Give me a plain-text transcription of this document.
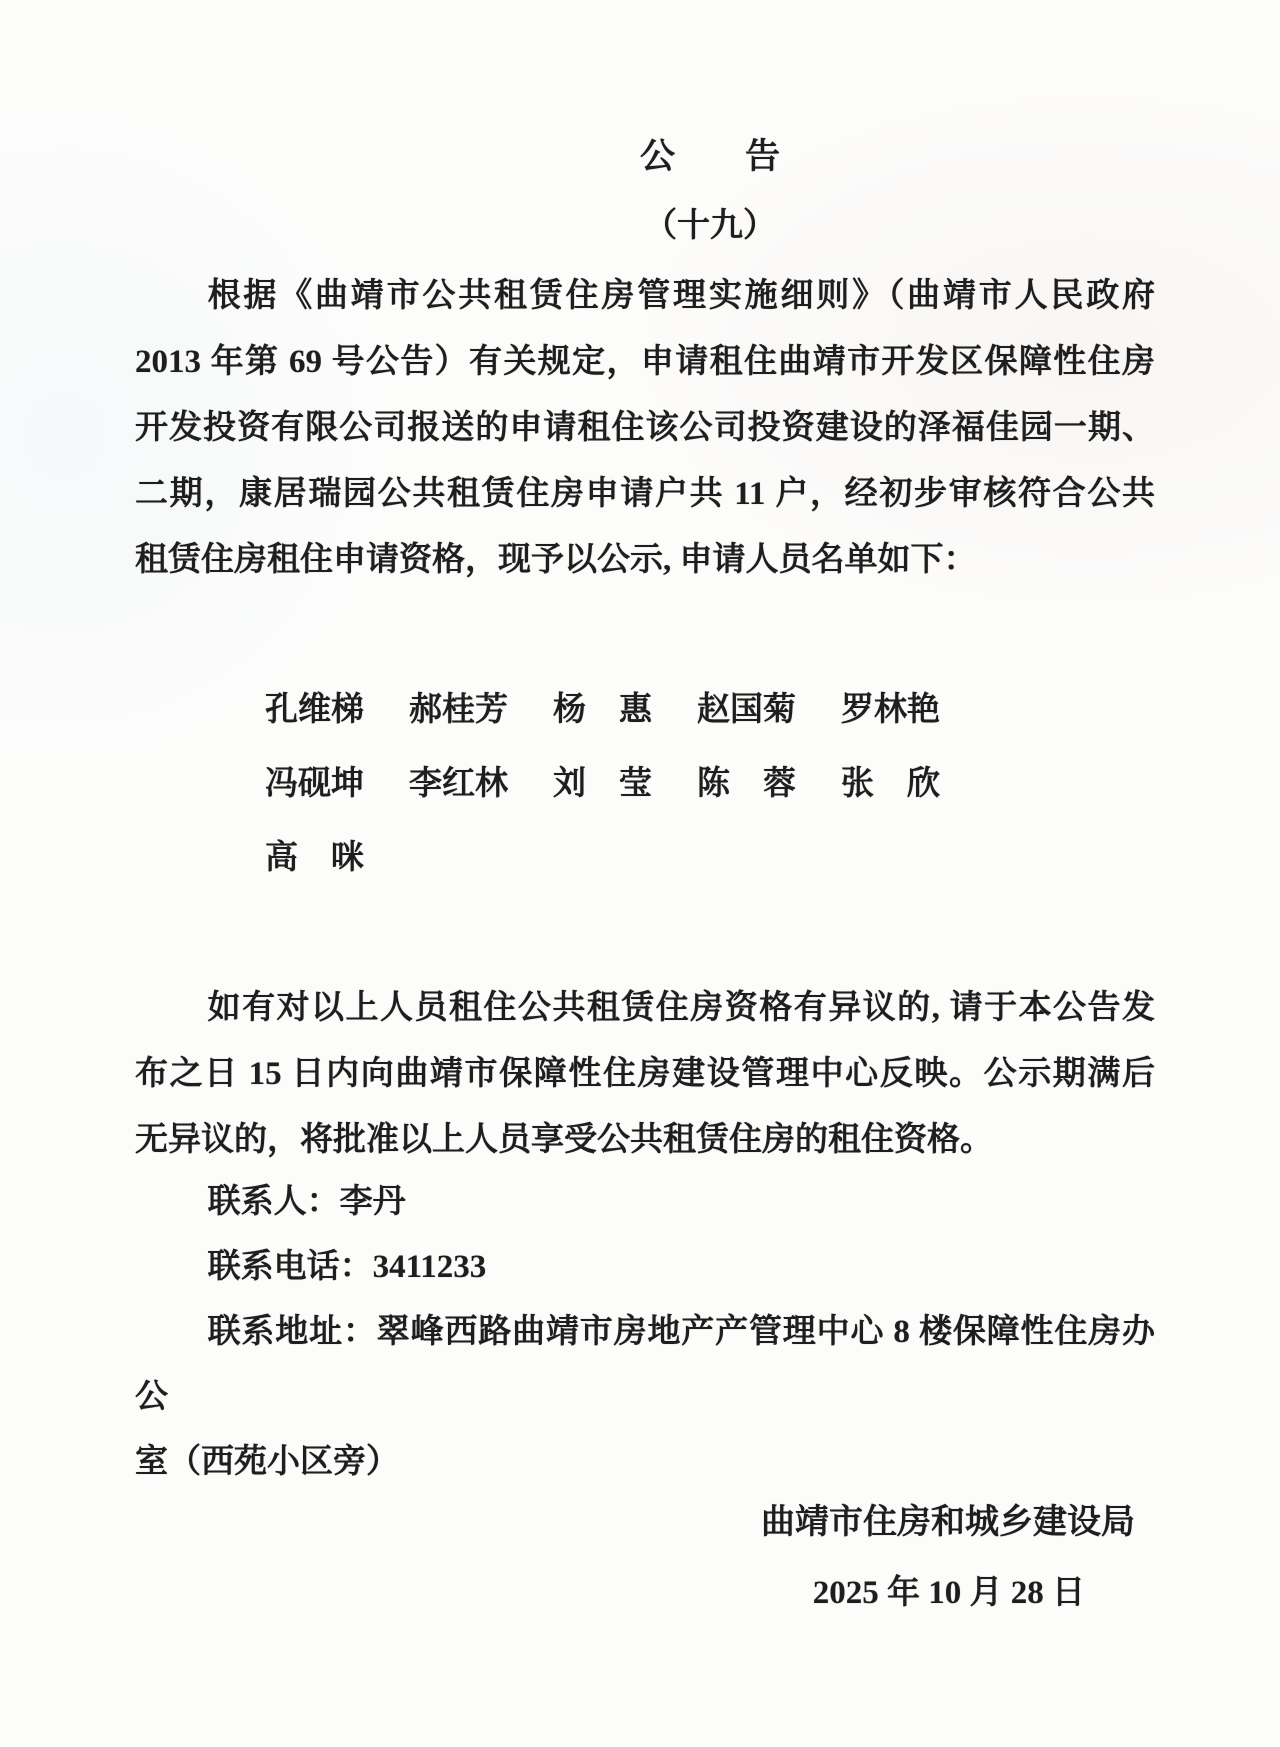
公　　告
（十九）
根据《曲靖市公共租赁住房管理实施细则》（曲靖市人民政府
2013 年第 69 号公告）有关规定，申请租住曲靖市开发区保障性住房
开发投资有限公司报送的申请租住该公司投资建设的泽福佳园一期、
二期，康居瑞园公共租赁住房申请户共 11 户，经初步审核符合公共
租赁住房租住申请资格，现予以公示, 申请人员名单如下：
孔维梯 郝桂芳 杨　惠 赵国菊 罗林艳
冯砚坤 李红林 刘　莹 陈　蓉 张　欣
高　咪
如有对以上人员租住公共租赁住房资格有异议的, 请于本公告发
布之日 15 日内向曲靖市保障性住房建设管理中心反映。公示期满后
无异议的，将批准以上人员享受公共租赁住房的租住资格。
联系人：李丹
联系电话：3411233
联系地址：翠峰西路曲靖市房地产产管理中心 8 楼保障性住房办公
室（西苑小区旁）
曲靖市住房和城乡建设局
2025 年 10 月 28 日
